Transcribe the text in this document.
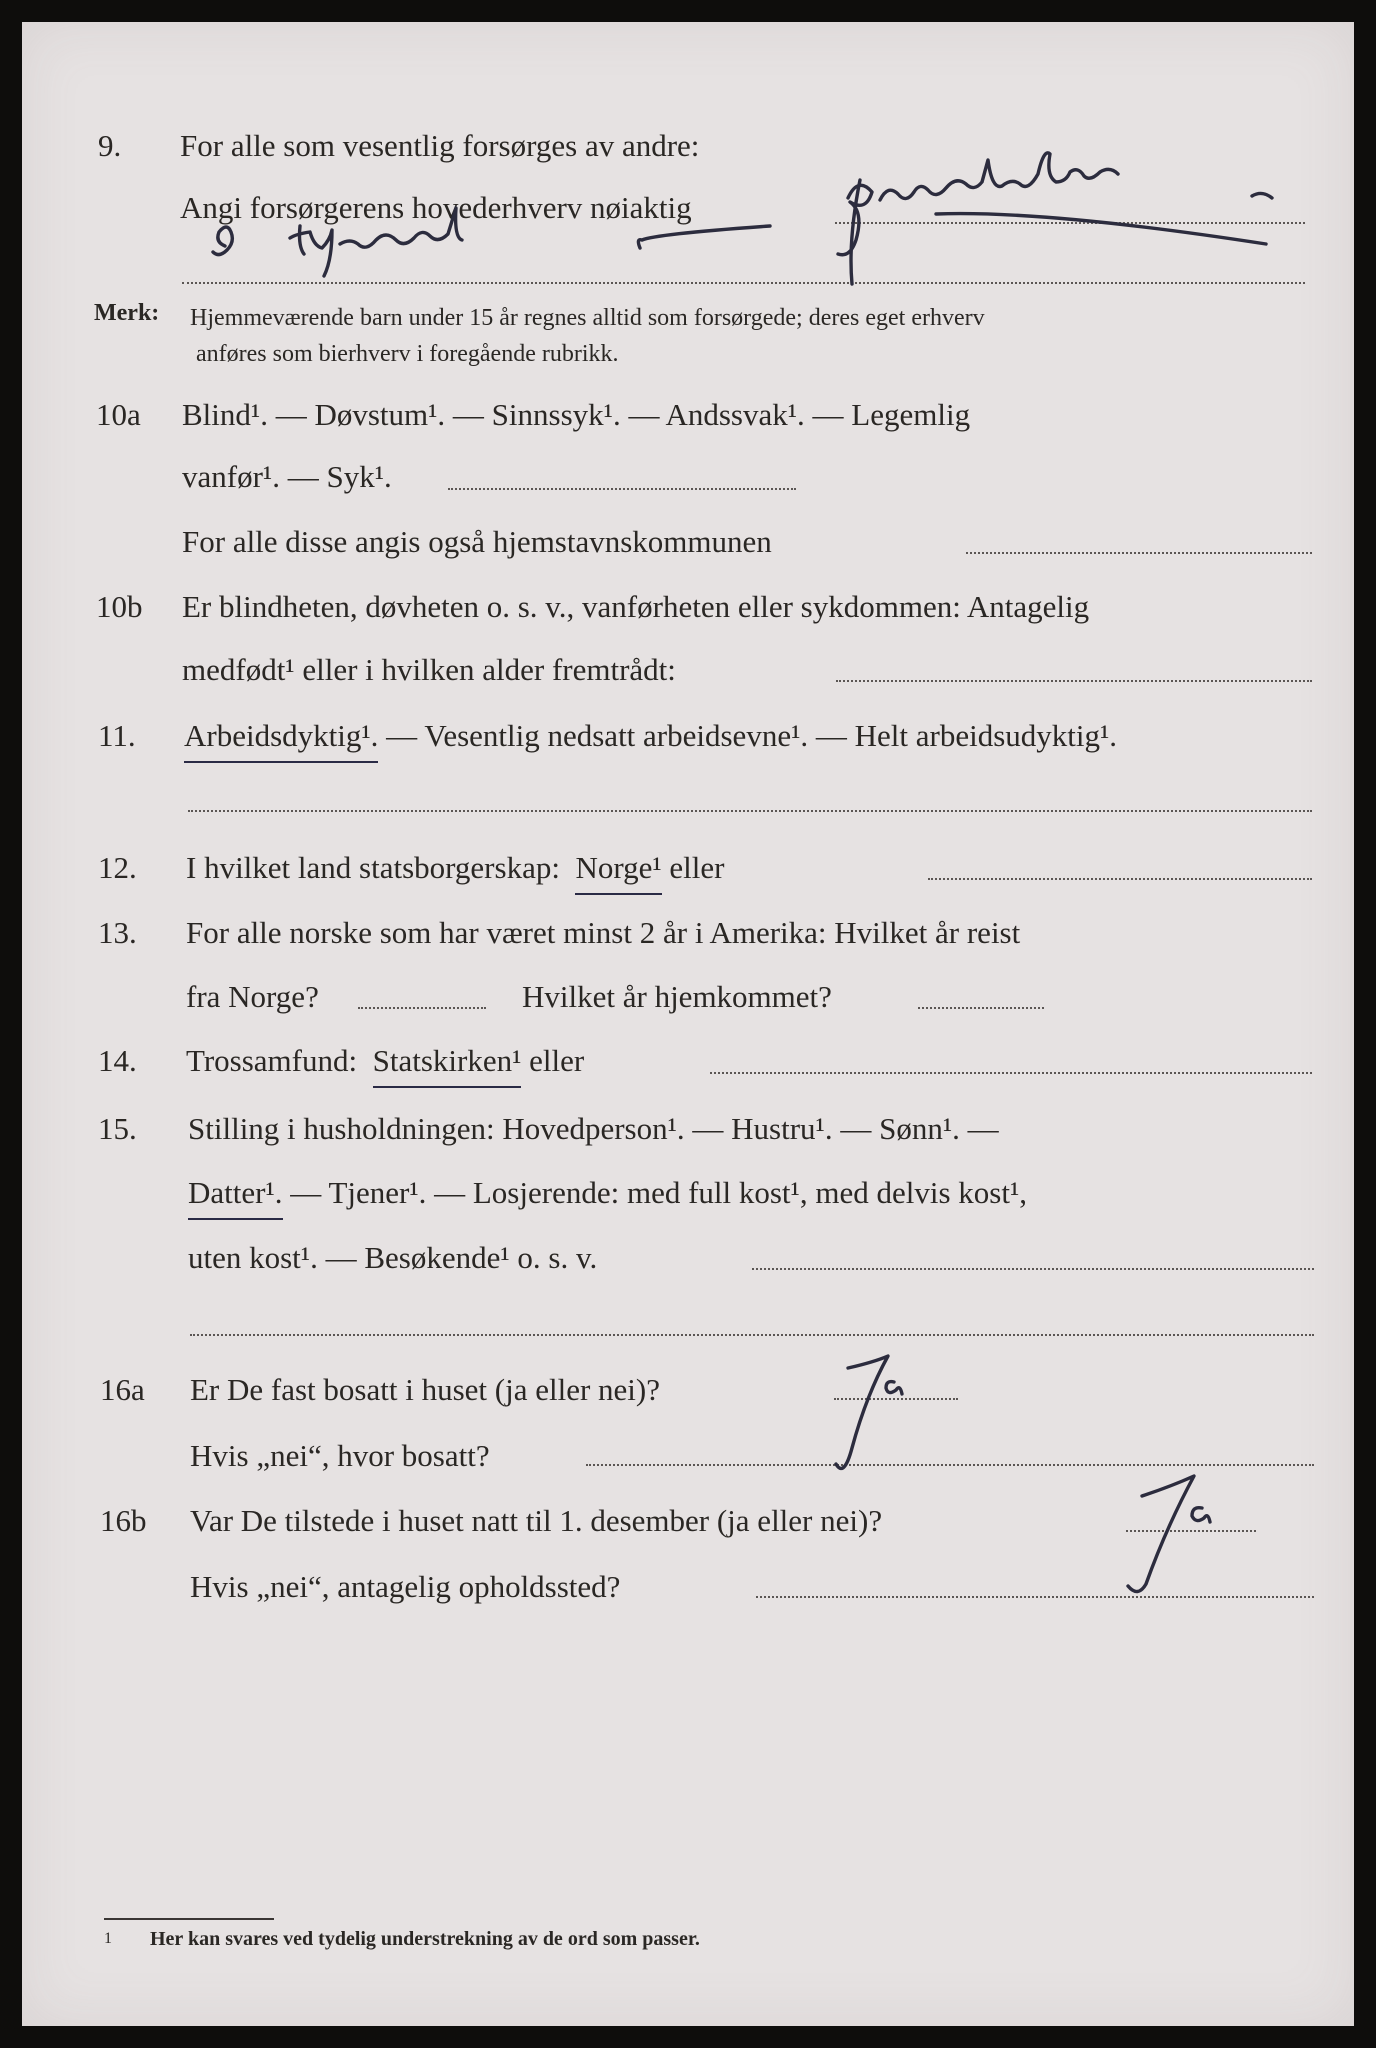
9. For alle som vesentlig forsørges av andre:
Angi forsørgerens hovederhverv nøiaktig
Merk: Hjemmeværende barn under 15 år regnes alltid som forsørgede; deres eget erhverv
anføres som bierhverv i foregående rubrikk.
10a Blind¹. — Døvstum¹. — Sinnssyk¹. — Andssvak¹. — Legemlig
vanfør¹. — Syk¹.
For alle disse angis også hjemstavnskommunen
10b Er blindheten, døvheten o. s. v., vanførheten eller sykdommen: Antagelig
medfødt¹ eller i hvilken alder fremtrådt:
11. Arbeidsdyktig¹.
— Vesentlig nedsatt arbeidsevne¹. — Helt arbeidsudyktig¹.
12. I hvilket land statsborgerskap:
Norge¹
eller
13. For alle norske som har været minst 2 år i Amerika: Hvilket år reist
fra Norge?	Hvilket år hjemkommet?
14. Trossamfund:
Statskirken¹
eller
15. Stilling i husholdningen: Hovedperson¹. — Hustru¹. — Sønn¹. —
Datter¹.
— Tjener¹. — Losjerende: med full kost¹, med delvis kost¹,
uten kost¹. — Besøkende¹ o. s. v.
16a Er De fast bosatt i huset (ja eller nei)?
Hvis „nei“, hvor bosatt?
16b Var De tilstede i huset natt til 1. desember (ja eller nei)?
Hvis „nei“, antagelig opholdssted?
1 Her kan svares ved tydelig understrekning av de ord som passer.
